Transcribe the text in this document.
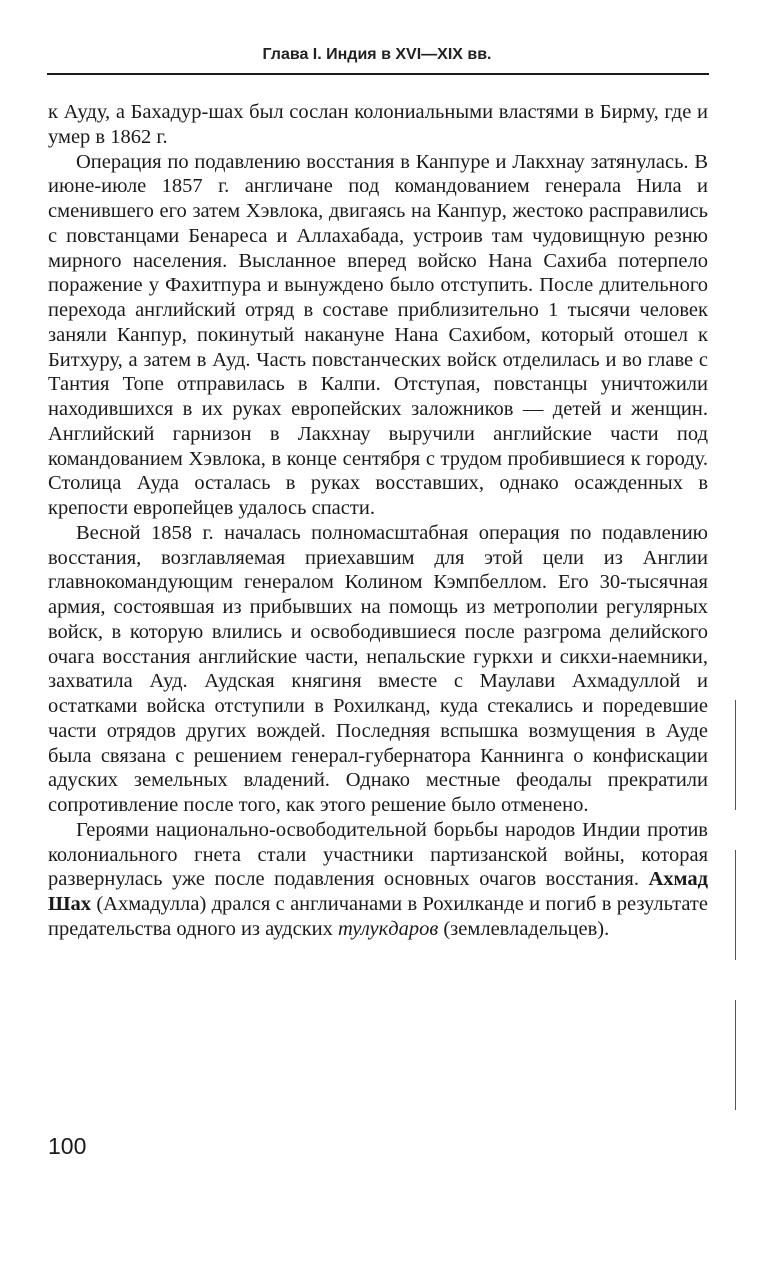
Глава I. Индия в XVI—XIX вв.

к Ауду, а Бахадур-шах был сослан колониальными властями в Бирму, где и умер в 1862 г.

Операция по подавлению восстания в Канпуре и Лакхнау затянулась. В июне-июле 1857 г. англичане под командованием генерала Нила и сменившего его затем Хэвлока, двигаясь на Канпур, жестоко расправились с повстанцами Бенареса и Аллахабада, устроив там чудовищную резню мирного населения. Высланное вперед войско Нана Сахиба потерпело поражение у Фахитпура и вынуждено было отступить. После длительного перехода английский отряд в составе приблизительно 1 тысячи человек заняли Канпур, покинутый накануне Нана Сахибом, который отошел к Битхуру, а затем в Ауд. Часть повстанческих войск отделилась и во главе с Тантия Топе отправилась в Калпи. Отступая, повстанцы уничтожили находившихся в их руках европейских заложников — детей и женщин. Английский гарнизон в Лакхнау выручили английские части под командованием Хэвлока, в конце сентября с трудом пробившиеся к городу. Столица Ауда осталась в руках восставших, однако осажденных в крепости европейцев удалось спасти.

Весной 1858 г. началась полномасштабная операция по подавлению восстания, возглавляемая приехавшим для этой цели из Англии главнокомандующим генералом Колином Кэмпбеллом. Его 30-тысячная армия, состоявшая из прибывших на помощь из метрополии регулярных войск, в которую влились и освободившиеся после разгрома делийского очага восстания английские части, непальские гуркхи и сикхи-наемники, захватила Ауд. Аудская княгиня вместе с Маулави Ахмадуллой и остатками войска отступили в Рохилканд, куда стекались и поредевшие части отрядов других вождей. Последняя вспышка возмущения в Ауде была связана с решением генерал-губернатора Каннинга о конфискации адуских земельных владений. Однако местные феодалы прекратили сопротивление после того, как этого решение было отменено.

Героями национально-освободительной борьбы народов Индии против колониального гнета стали участники партизанской войны, которая развернулась уже после подавления основных очагов восстания. Ахмад Шах (Ахмадулла) дрался с англичанами в Рохилканде и погиб в результате предательства одного из аудских тулукдаров (землевладельцев).

100
